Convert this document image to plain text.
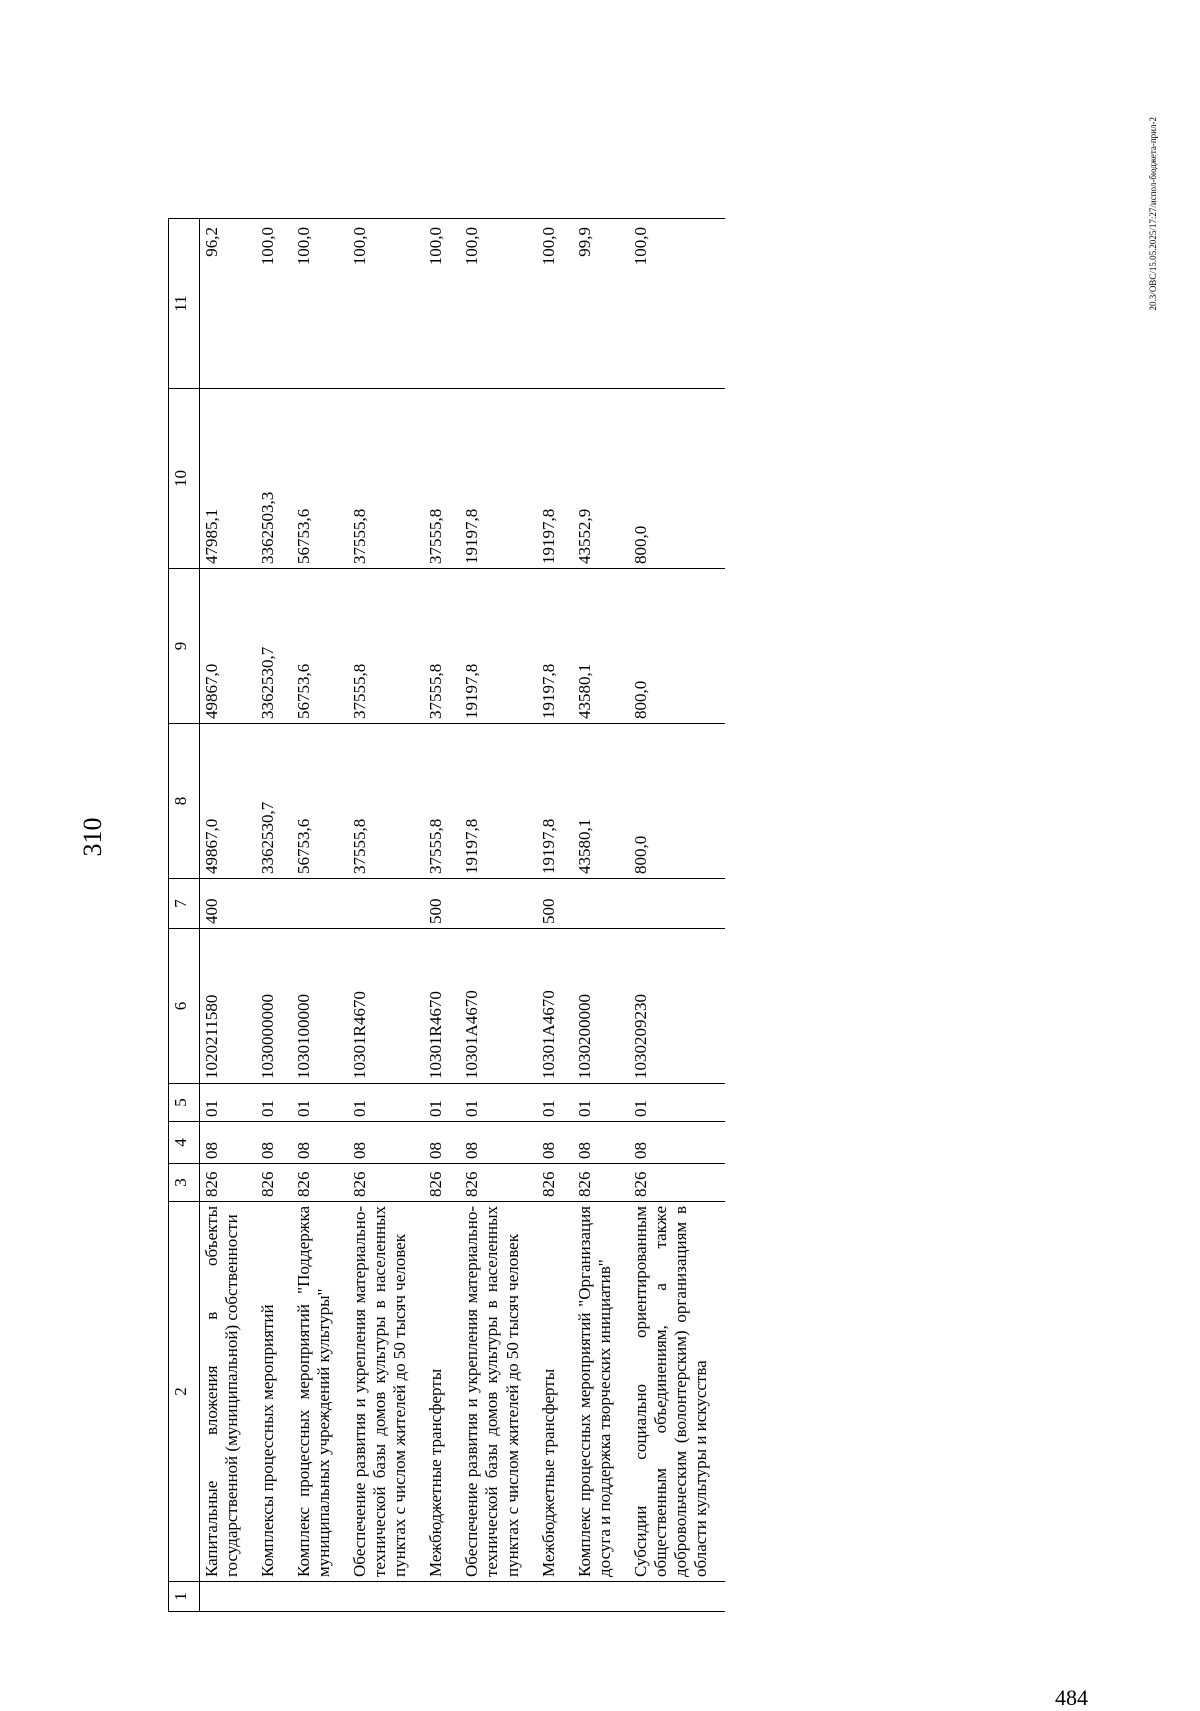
310
1	2	3	4	5	6	7	8	9	10	11
	Капитальные вложения в объекты государственной (муниципальной) собственности	826	08	01	1020211580	400	49867,0	49867,0	47985,1	96,2
	Комплексы процессных мероприятий	826	08	01	1030000000		3362530,7	3362530,7	3362503,3	100,0
	Комплекс процессных мероприятий "Поддержка муниципальных учреждений культуры"	826	08	01	1030100000		56753,6	56753,6	56753,6	100,0
	Обеспечение развития и укрепления материально-технической базы домов культуры в населенных пунктах с числом жителей до 50 тысяч человек	826	08	01	10301R4670		37555,8	37555,8	37555,8	100,0
	Межбюджетные трансферты	826	08	01	10301R4670	500	37555,8	37555,8	37555,8	100,0
	Обеспечение развития и укрепления материально-технической базы домов культуры в населенных пунктах с числом жителей до 50 тысяч человек	826	08	01	10301A4670		19197,8	19197,8	19197,8	100,0
	Межбюджетные трансферты	826	08	01	10301A4670	500	19197,8	19197,8	19197,8	100,0
	Комплекс процессных мероприятий "Организация досуга и поддержка творческих инициатив"	826	08	01	1030200000		43580,1	43580,1	43552,9	99,9
	Субсидии социально ориентированным общественным объединениям, а также добровольческим (волонтерским) организациям в области культуры и искусства	826	08	01	1030209230		800,0	800,0	800,0	100,0	20.3/ОВС/15.05.2025/17:27/испол-бюджета-прил-2
484
